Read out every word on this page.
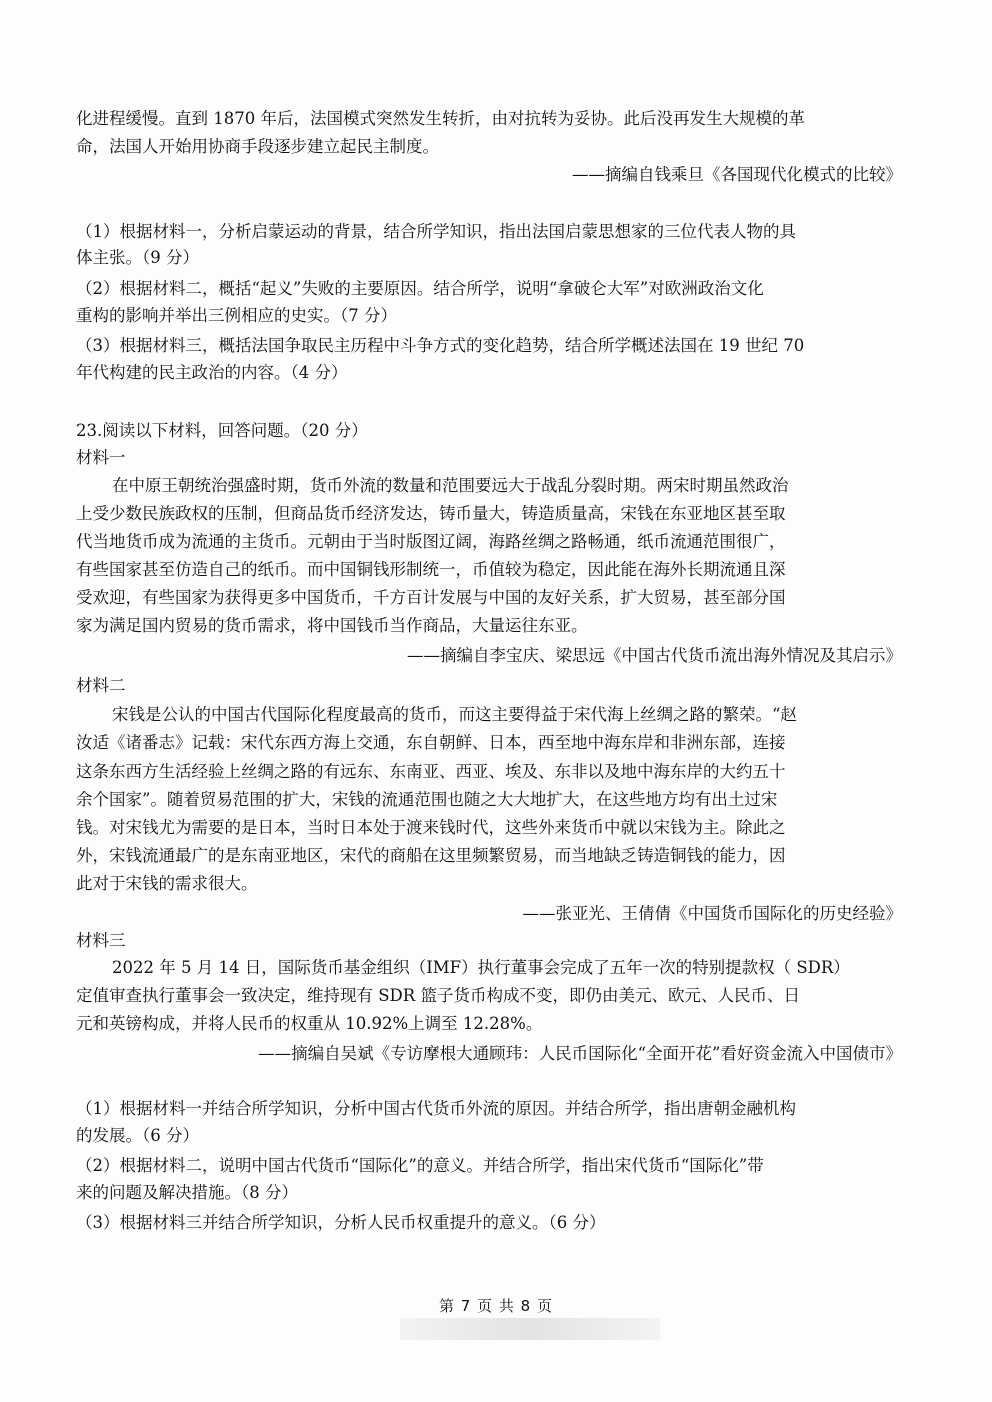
化进程缓慢。直到 1870 年后，法国模式突然发生转折，由对抗转为妥协。此后没再发生大规模的革
命，法国人开始用协商手段逐步建立起民主制度。
——摘编自钱乘旦《各国现代化模式的比较》
（1）根据材料一，分析启蒙运动的背景，结合所学知识，指出法国启蒙思想家的三位代表人物的具
体主张。（9 分）
（2）根据材料二，概括“起义”失败的主要原因。结合所学，说明“拿破仑大军”对欧洲政治文化
重构的影响并举出三例相应的史实。（7 分）
（3）根据材料三，概括法国争取民主历程中斗争方式的变化趋势，结合所学概述法国在 19 世纪 70
年代构建的民主政治的内容。（4 分）
23.阅读以下材料，回答问题。（20 分）
材料一
在中原王朝统治强盛时期，货币外流的数量和范围要远大于战乱分裂时期。两宋时期虽然政治
上受少数民族政权的压制，但商品货币经济发达，铸币量大，铸造质量高，宋钱在东亚地区甚至取
代当地货币成为流通的主货币。元朝由于当时版图辽阔，海路丝绸之路畅通，纸币流通范围很广，
有些国家甚至仿造自己的纸币。而中国铜钱形制统一，币值较为稳定，因此能在海外长期流通且深
受欢迎，有些国家为获得更多中国货币，千方百计发展与中国的友好关系，扩大贸易，甚至部分国
家为满足国内贸易的货币需求，将中国钱币当作商品，大量运往东亚。
——摘编自李宝庆、梁思远《中国古代货币流出海外情况及其启示》
材料二
宋钱是公认的中国古代国际化程度最高的货币，而这主要得益于宋代海上丝绸之路的繁荣。“赵
汝适《诸番志》记载：宋代东西方海上交通，东自朝鲜、日本，西至地中海东岸和非洲东部，连接
这条东西方生活经验上丝绸之路的有远东、东南亚、西亚、埃及、东非以及地中海东岸的大约五十
余个国家”。随着贸易范围的扩大，宋钱的流通范围也随之大大地扩大，在这些地方均有出土过宋
钱。对宋钱尤为需要的是日本，当时日本处于渡来钱时代，这些外来货币中就以宋钱为主。除此之
外，宋钱流通最广的是东南亚地区，宋代的商船在这里频繁贸易，而当地缺乏铸造铜钱的能力，因
此对于宋钱的需求很大。
——张亚光、王倩倩《中国货币国际化的历史经验》
材料三
2022 年 5 月 14 日，国际货币基金组织（IMF）执行董事会完成了五年一次的特别提款权（ SDR）
定值审查执行董事会一致决定，维持现有 SDR 篮子货币构成不变，即仍由美元、欧元、人民币、日
元和英镑构成，并将人民币的权重从 10.92%上调至 12.28%。
——摘编自吴斌《专访摩根大通顾玮：人民币国际化“全面开花”看好资金流入中国债市》
（1）根据材料一并结合所学知识，分析中国古代货币外流的原因。并结合所学，指出唐朝金融机构
的发展。（6 分）
（2）根据材料二，说明中国古代货币“国际化”的意义。并结合所学，指出宋代货币“国际化”带
来的问题及解决措施。（8 分）
（3）根据材料三并结合所学知识，分析人民币权重提升的意义。（6 分）
第 7 页 共 8 页
